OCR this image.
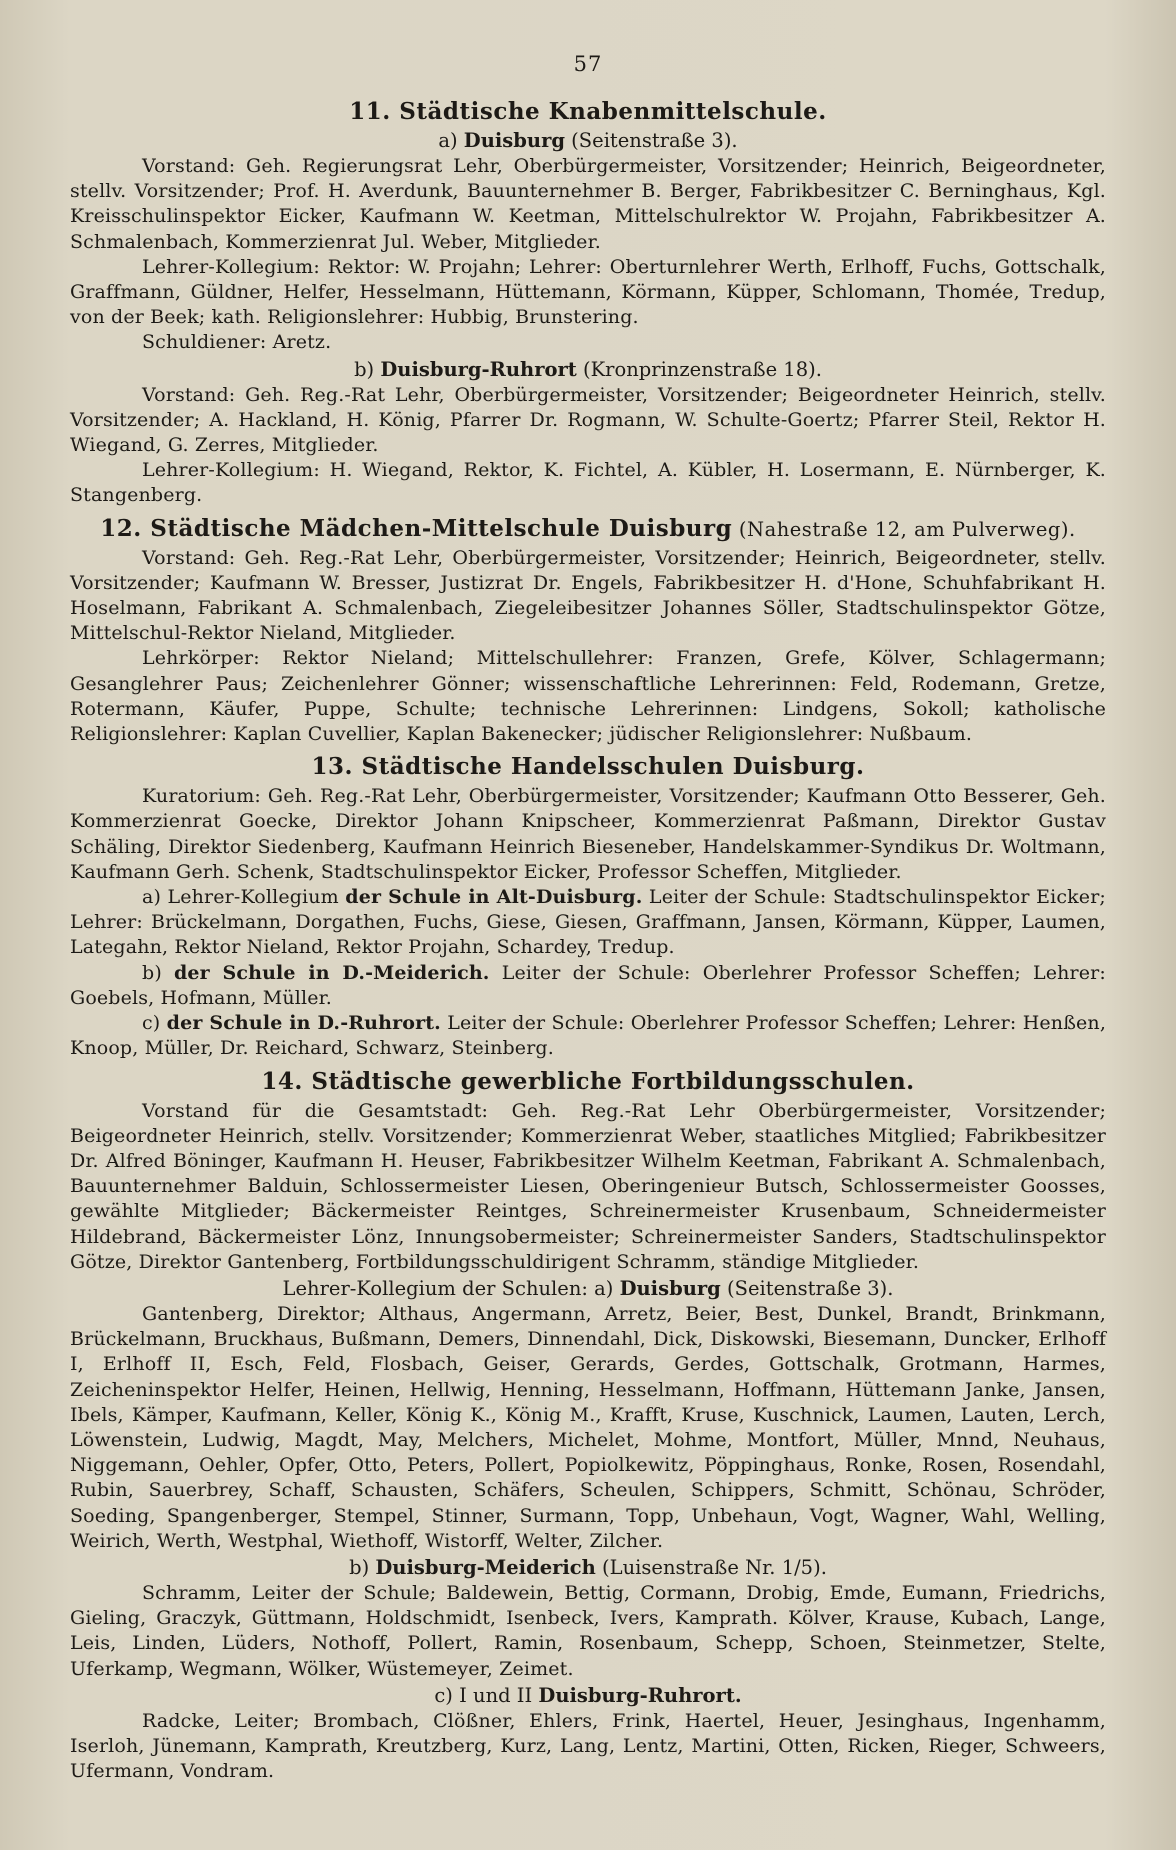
57
11. Städtische Knabenmittelschule.
a) Duisburg (Seitenstraße 3).

Vorstand: Geh. Regierungsrat Lehr, Oberbürgermeister, Vorsitzender; Heinrich, Beigeordneter, stellv. Vorsitzender; Prof. H. Averdunk, Bauunternehmer B. Berger, Fabrikbesitzer C. Berninghaus, Kgl. Kreisschulinspektor Eicker, Kaufmann W. Keetman, Mittelschulrektor W. Projahn, Fabrikbesitzer A. Schmalenbach, Kommerzienrat Jul. Weber, Mitglieder.

Lehrer-Kollegium: Rektor: W. Projahn; Lehrer: Oberturnlehrer Werth, Erlhoff, Fuchs, Gottschalk, Graffmann, Güldner, Helfer, Hesselmann, Hüttemann, Körmann, Küpper, Schlomann, Thomée, Tredup, von der Beek; kath. Religionslehrer: Hubbig, Brunstering.

Schuldiener: Aretz.

b) Duisburg-Ruhrort (Kronprinzenstraße 18).

Vorstand: Geh. Reg.-Rat Lehr, Oberbürgermeister, Vorsitzender; Beigeordneter Heinrich, stellv. Vorsitzender; A. Hackland, H. König, Pfarrer Dr. Rogmann, W. Schulte-Goertz; Pfarrer Steil, Rektor H. Wiegand, G. Zerres, Mitglieder.

Lehrer-Kollegium: H. Wiegand, Rektor, K. Fichtel, A. Kübler, H. Losermann, E. Nürnberger, K. Stangenberg.

12. Städtische Mädchen-Mittelschule Duisburg (Nahestraße 12, am Pulverweg).

Vorstand: Geh. Reg.-Rat Lehr, Oberbürgermeister, Vorsitzender; Heinrich, Beigeordneter, stellv. Vorsitzender; Kaufmann W. Bresser, Justizrat Dr. Engels, Fabrikbesitzer H. d'Hone, Schuhfabrikant H. Hoselmann, Fabrikant A. Schmalenbach, Ziegeleibesitzer Johannes Söller, Stadtschulinspektor Götze, Mittelschul-Rektor Nieland, Mitglieder.

Lehrkörper: Rektor Nieland; Mittelschullehrer: Franzen, Grefe, Kölver, Schlagermann; Gesanglehrer Paus; Zeichenlehrer Gönner; wissenschaftliche Lehrerinnen: Feld, Rodemann, Gretze, Rotermann, Käufer, Puppe, Schulte; technische Lehrerinnen: Lindgens, Sokoll; katholische Religionslehrer: Kaplan Cuvellier, Kaplan Bakenecker; jüdischer Religionslehrer: Nußbaum.

13. Städtische Handelsschulen Duisburg.

Kuratorium: Geh. Reg.-Rat Lehr, Oberbürgermeister, Vorsitzender; Kaufmann Otto Besserer, Geh. Kommerzienrat Goecke, Direktor Johann Knipscheer, Kommerzienrat Paßmann, Direktor Gustav Schäling, Direktor Siedenberg, Kaufmann Heinrich Bieseneber, Handelskammer-Syndikus Dr. Woltmann, Kaufmann Gerh. Schenk, Stadtschulinspektor Eicker, Professor Scheffen, Mitglieder.

a) Lehrer-Kollegium der Schule in Alt-Duisburg. Leiter der Schule: Stadtschulinspektor Eicker; Lehrer: Brückelmann, Dorgathen, Fuchs, Giese, Giesen, Graffmann, Jansen, Körmann, Küpper, Laumen, Lategahn, Rektor Nieland, Rektor Projahn, Schardey, Tredup.

b) der Schule in D.-Meiderich. Leiter der Schule: Oberlehrer Professor Scheffen; Lehrer: Goebels, Hofmann, Müller.

c) der Schule in D.-Ruhrort. Leiter der Schule: Oberlehrer Professor Scheffen; Lehrer: Henßen, Knoop, Müller, Dr. Reichard, Schwarz, Steinberg.

14. Städtische gewerbliche Fortbildungsschulen.

Vorstand für die Gesamtstadt: Geh. Reg.-Rat Lehr Oberbürgermeister, Vorsitzender; Beigeordneter Heinrich, stellv. Vorsitzender; Kommerzienrat Weber, staatliches Mitglied; Fabrikbesitzer Dr. Alfred Böninger, Kaufmann H. Heuser, Fabrikbesitzer Wilhelm Keetman, Fabrikant A. Schmalenbach, Bauunternehmer Balduin, Schlossermeister Liesen, Oberingenieur Butsch, Schlossermeister Goosses, gewählte Mitglieder; Bäckermeister Reintges, Schreinermeister Krusenbaum, Schneidermeister Hildebrand, Bäckermeister Lönz, Innungsobermeister; Schreinermeister Sanders, Stadtschulinspektor Götze, Direktor Gantenberg, Fortbildungsschuldirigent Schramm, ständige Mitglieder.

Lehrer-Kollegium der Schulen: a) Duisburg (Seitenstraße 3).

Gantenberg, Direktor; Althaus, Angermann, Arretz, Beier, Best, Dunkel, Brandt, Brinkmann, Brückelmann, Bruckhaus, Bußmann, Demers, Dinnendahl, Dick, Diskowski, Biesemann, Duncker, Erlhoff I, Erlhoff II, Esch, Feld, Flosbach, Geiser, Gerards, Gerdes, Gottschalk, Grotmann, Harmes, Zeicheninspektor Helfer, Heinen, Hellwig, Henning, Hesselmann, Hoffmann, Hüttemann Janke, Jansen, Ibels, Kämper, Kaufmann, Keller, König K., König M., Krafft, Kruse, Kuschnick, Laumen, Lauten, Lerch, Löwenstein, Ludwig, Magdt, May, Melchers, Michelet, Mohme, Montfort, Müller, Mnnd, Neuhaus, Niggemann, Oehler, Opfer, Otto, Peters, Pollert, Popiolkewitz, Pöppinghaus, Ronke, Rosen, Rosendahl, Rubin, Sauerbrey, Schaff, Schausten, Schäfers, Scheulen, Schippers, Schmitt, Schönau, Schröder, Soeding, Spangenberger, Stempel, Stinner, Surmann, Topp, Unbehaun, Vogt, Wagner, Wahl, Welling, Weirich, Werth, Westphal, Wiethoff, Wistorff, Welter, Zilcher.

b) Duisburg-Meiderich (Luisenstraße Nr. 1/5).

Schramm, Leiter der Schule; Baldewein, Bettig, Cormann, Drobig, Emde, Eumann, Friedrichs, Gieling, Graczyk, Güttmann, Holdschmidt, Isenbeck, Ivers, Kamprath. Kölver, Krause, Kubach, Lange, Leis, Linden, Lüders, Nothoff, Pollert, Ramin, Rosenbaum, Schepp, Schoen, Steinmetzer, Stelte, Uferkamp, Wegmann, Wölker, Wüstemeyer, Zeimet.

c) I und II Duisburg-Ruhrort.

Radcke, Leiter; Brombach, Clößner, Ehlers, Frink, Haertel, Heuer, Jesinghaus, Ingenhamm, Iserloh, Jünemann, Kamprath, Kreutzberg, Kurz, Lang, Lentz, Martini, Otten, Ricken, Rieger, Schweers, Ufermann, Vondram.
